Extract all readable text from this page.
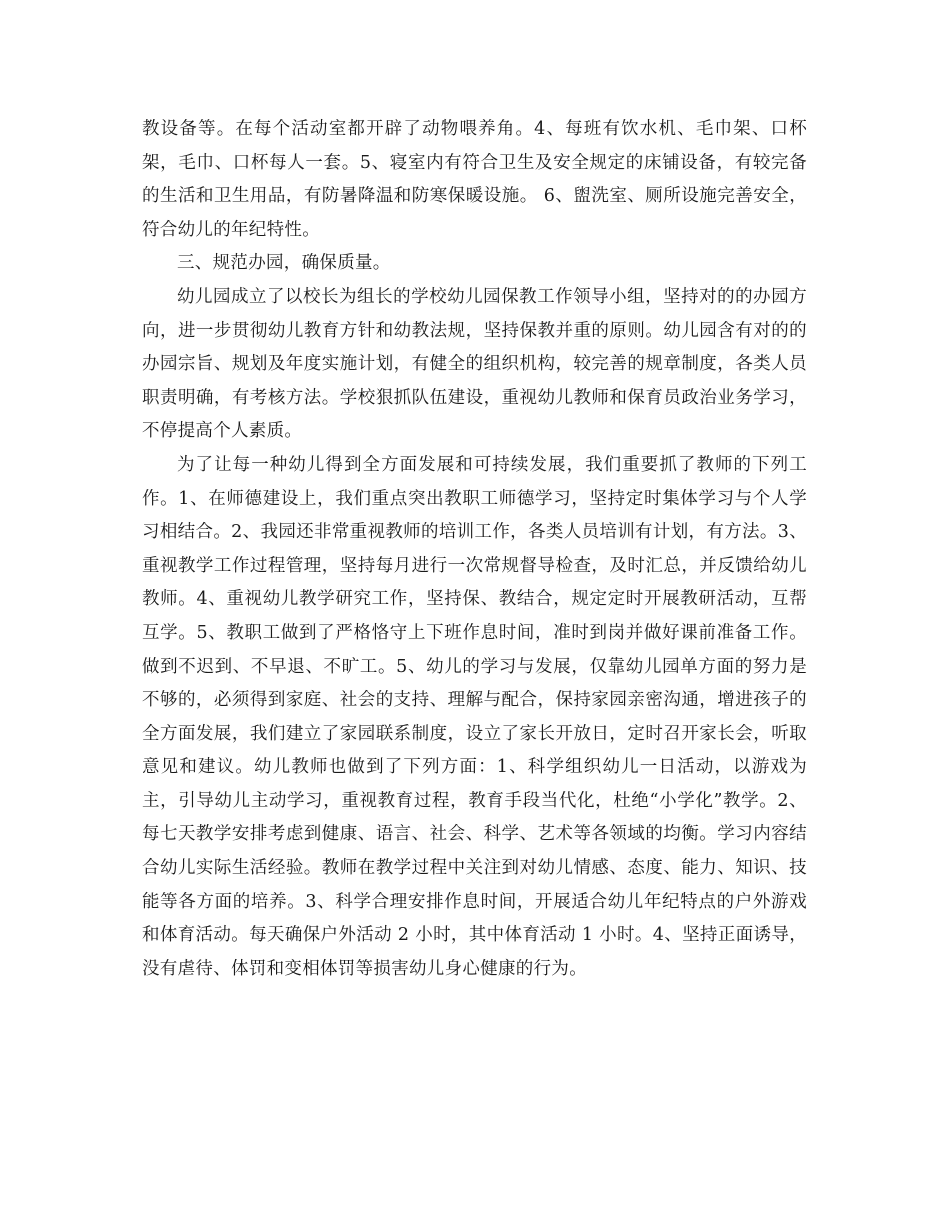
教设备等。在每个活动室都开辟了动物喂养角。4、每班有饮水机、毛巾架、口杯架，毛巾、口杯每人一套。5、寝室内有符合卫生及安全规定的床铺设备，有较完备的生活和卫生用品，有防暑降温和防寒保暖设施。 6、盥洗室、厕所设施完善安全，符合幼儿的年纪特性。

三、规范办园，确保质量。

幼儿园成立了以校长为组长的学校幼儿园保教工作领导小组，坚持对的的办园方向，进一步贯彻幼儿教育方针和幼教法规，坚持保教并重的原则。幼儿园含有对的的办园宗旨、规划及年度实施计划，有健全的组织机构，较完善的规章制度，各类人员职责明确，有考核方法。学校狠抓队伍建设，重视幼儿教师和保育员政治业务学习，不停提高个人素质。

为了让每一种幼儿得到全方面发展和可持续发展，我们重要抓了教师的下列工作。1、在师德建设上，我们重点突出教职工师德学习，坚持定时集体学习与个人学习相结合。2、我园还非常重视教师的培训工作，各类人员培训有计划，有方法。3、重视教学工作过程管理，坚持每月进行一次常规督导检查，及时汇总，并反馈给幼儿教师。4、重视幼儿教学研究工作，坚持保、教结合，规定定时开展教研活动，互帮互学。5、教职工做到了严格恪守上下班作息时间，准时到岗并做好课前准备工作。做到不迟到、不早退、不旷工。5、幼儿的学习与发展，仅靠幼儿园单方面的努力是不够的，必须得到家庭、社会的支持、理解与配合，保持家园亲密沟通，增进孩子的全方面发展，我们建立了家园联系制度，设立了家长开放日，定时召开家长会，听取意见和建议。幼儿教师也做到了下列方面：1、科学组织幼儿一日活动，以游戏为主，引导幼儿主动学习，重视教育过程，教育手段当代化，杜绝“小学化”教学。2、每七天教学安排考虑到健康、语言、社会、科学、艺术等各领域的均衡。学习内容结合幼儿实际生活经验。教师在教学过程中关注到对幼儿情感、态度、能力、知识、技能等各方面的培养。3、科学合理安排作息时间，开展适合幼儿年纪特点的户外游戏和体育活动。每天确保户外活动 2 小时，其中体育活动 1 小时。4、坚持正面诱导，没有虐待、体罚和变相体罚等损害幼儿身心健康的行为。
